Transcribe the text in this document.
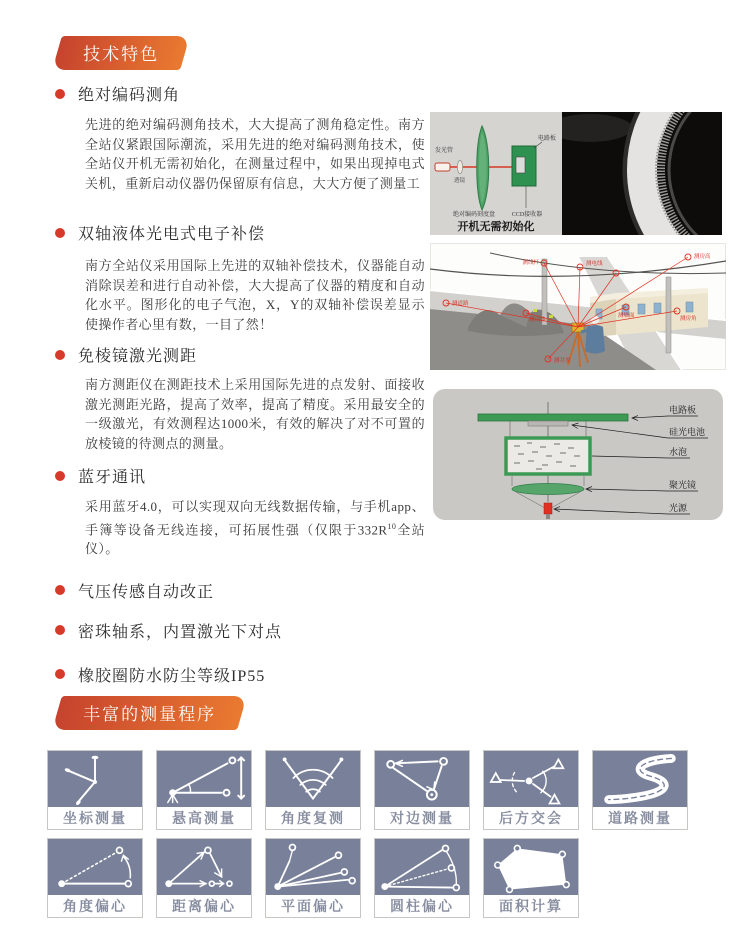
技术特色
绝对编码测角

先进的绝对编码测角技术，大大提高了测角稳定性。南方全站仪紧跟国际潮流，采用先进的绝对编码测角技术，使全站仪开机无需初始化，在测量过程中，如果出现掉电式关机，重新启动仪器仍保留原有信息，大大方便了测量工

双轴液体光电式电子补偿

南方全站仪采用国际上先进的双轴补偿技术，仪器能自动消除误差和进行自动补偿，大大提高了仪器的精度和自动化水平。图形化的电子气泡，X，Y的双轴补偿误差显示使操作者心里有数，一目了然！

免棱镜激光测距

南方测距仪在测距技术上采用国际先进的点发射、面接收激光测距光路，提高了效率，提高了精度。采用最安全的一级激光，有效测程达1000米，有效的解决了对不可置的放棱镜的待测点的测量。

蓝牙通讯

采用蓝牙4.0，可以实现双向无线数据传输，与手机app、手簿等设备无线连接，可拓展性强（仅限于$332R^{10}$全站仪）。

气压传感自动改正
密珠轴系，内置激光下对点
橡胶圈防水防尘等级IP55
丰富的测量程序
发光管
透镜
电路板
绝对编码刻度盘	CCD接收器
开机无需初始化
测线杆	测电线
测房高
测墙面	测房角
测山体
测道路
测井盖
电路板
硅光电池
水泡
聚光镜
光源
坐标测量	悬高测量	角度复测	对边测量	后方交会	道路测量
角度偏心	距离偏心	平面偏心	圆柱偏心	面积计算
